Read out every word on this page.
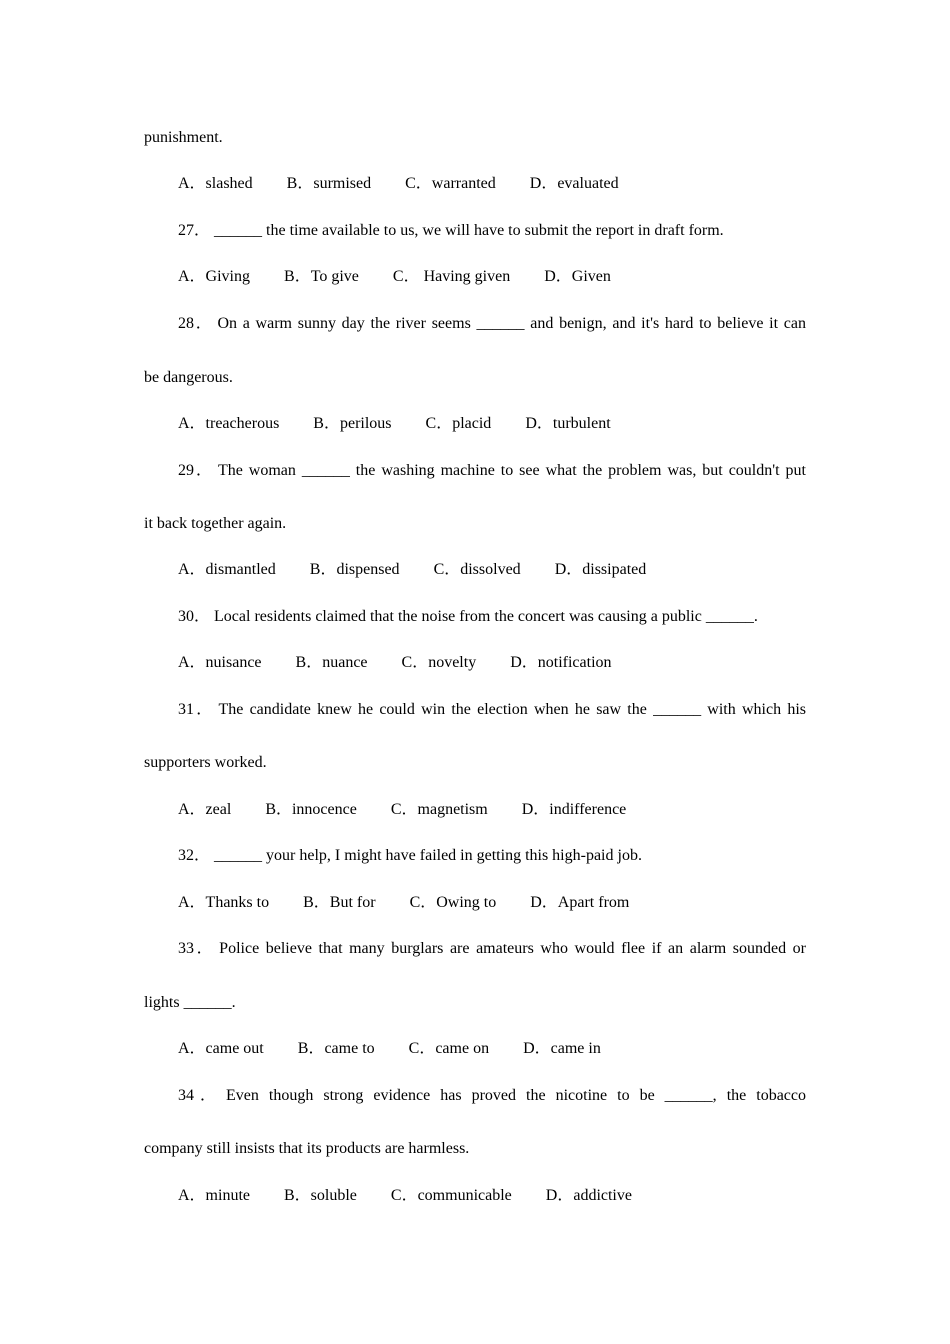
punishment.
A．slashed B．surmised C．warranted D．evaluated
27． ______ the time available to us, we will have to submit the report in draft form.
A．Giving B．To give C． Having given D．Given
28． On a warm sunny day the river seems ______ and benign, and it's hard to believe it can
be dangerous.
A．treacherous B．perilous C．placid D．turbulent
29． The woman ______ the washing machine to see what the problem was, but couldn't put
it back together again.
A．dismantled B．dispensed C．dissolved D．dissipated
30． Local residents claimed that the noise from the concert was causing a public ______.
A．nuisance B．nuance C．novelty D．notification
31． The candidate knew he could win the election when he saw the ______ with which his
supporters worked.
A．zeal B．innocence C．magnetism D．indifference
32． ______ your help, I might have failed in getting this high-paid job.
A．Thanks to B．But for C．Owing to D．Apart from
33． Police believe that many burglars are amateurs who would flee if an alarm sounded or
lights ______.
A．came out B．came to C．came on D．came in
34． Even though strong evidence has proved the nicotine to be ______, the tobacco
company still insists that its products are harmless.
A．minute B．soluble C．communicable D．addictive
